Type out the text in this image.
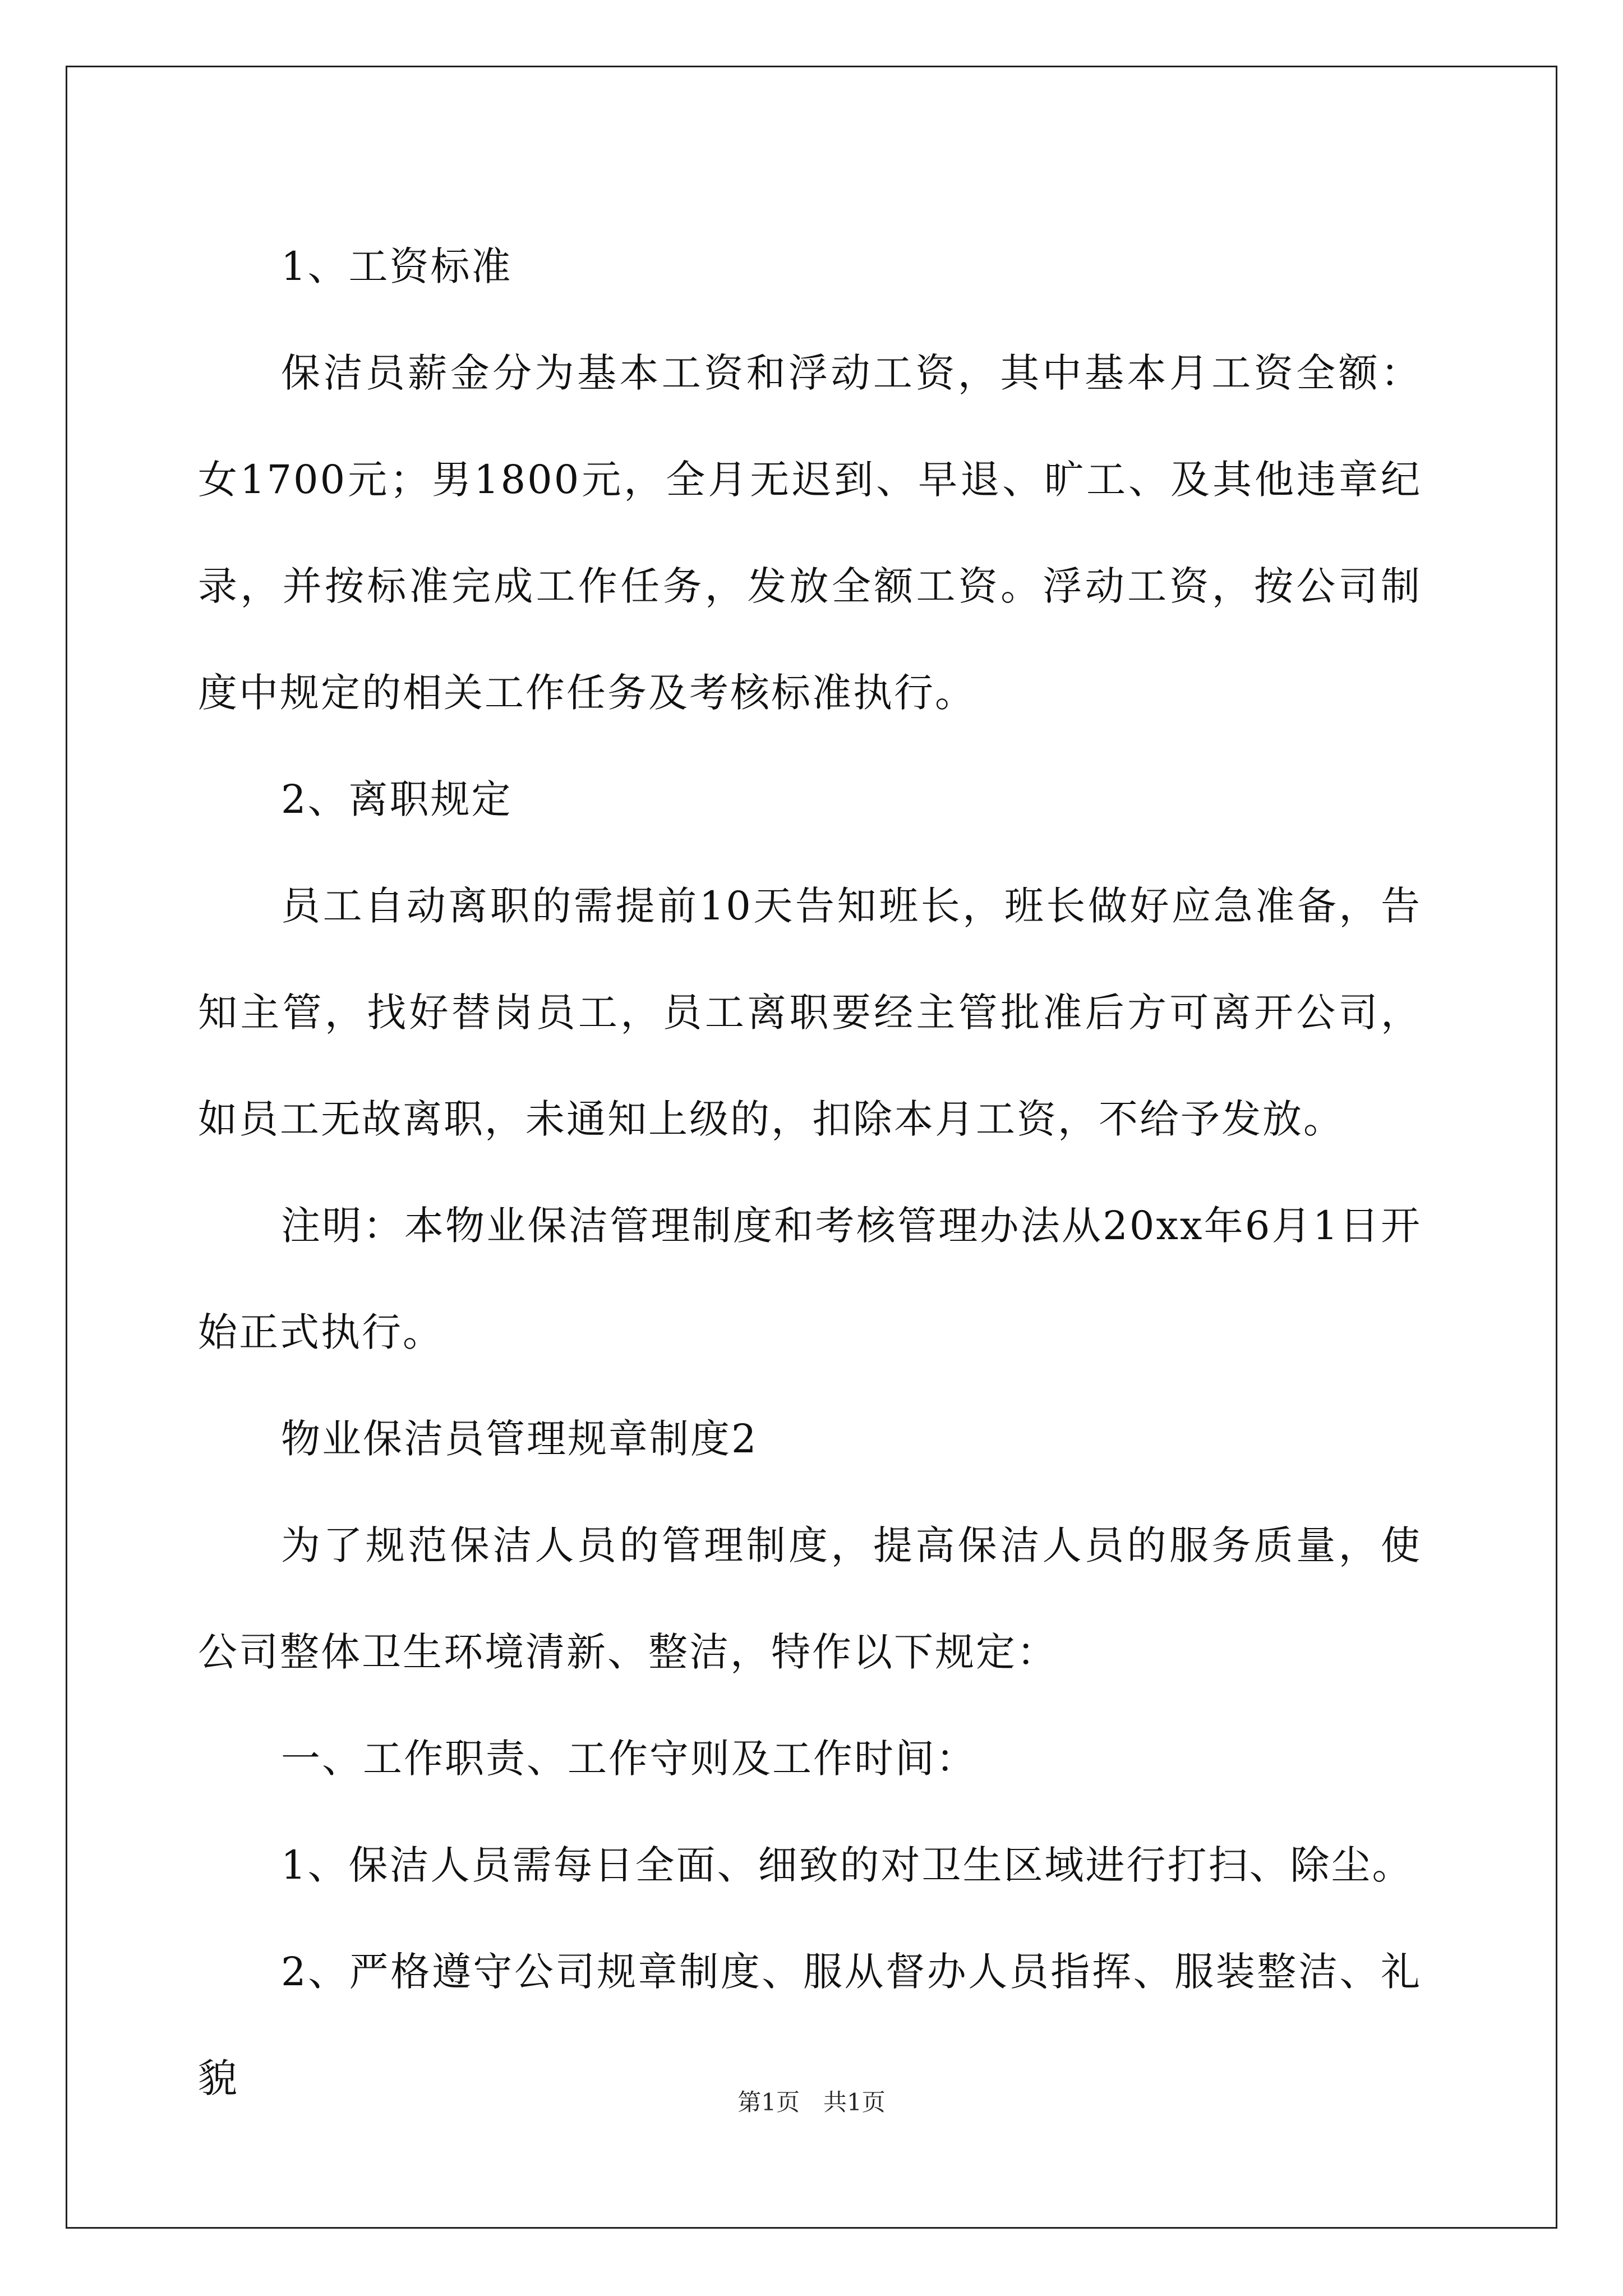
1、工资标准

保洁员薪金分为基本工资和浮动工资，其中基本月工资全额：女1700元；男1800元，全月无迟到、早退、旷工、及其他违章纪录，并按标准完成工作任务，发放全额工资。浮动工资，按公司制度中规定的相关工作任务及考核标准执行。

2、离职规定

员工自动离职的需提前10天告知班长，班长做好应急准备，告知主管，找好替岗员工，员工离职要经主管批准后方可离开公司，如员工无故离职，未通知上级的，扣除本月工资，不给予发放。

注明：本物业保洁管理制度和考核管理办法从20xx年6月1日开始正式执行。

物业保洁员管理规章制度2

为了规范保洁人员的管理制度，提高保洁人员的服务质量，使公司整体卫生环境清新、整洁，特作以下规定：

一、工作职责、工作守则及工作时间：

1、保洁人员需每日全面、细致的对卫生区域进行打扫、除尘。

2、严格遵守公司规章制度、服从督办人员指挥、服装整洁、礼貌

第1页 共1页
